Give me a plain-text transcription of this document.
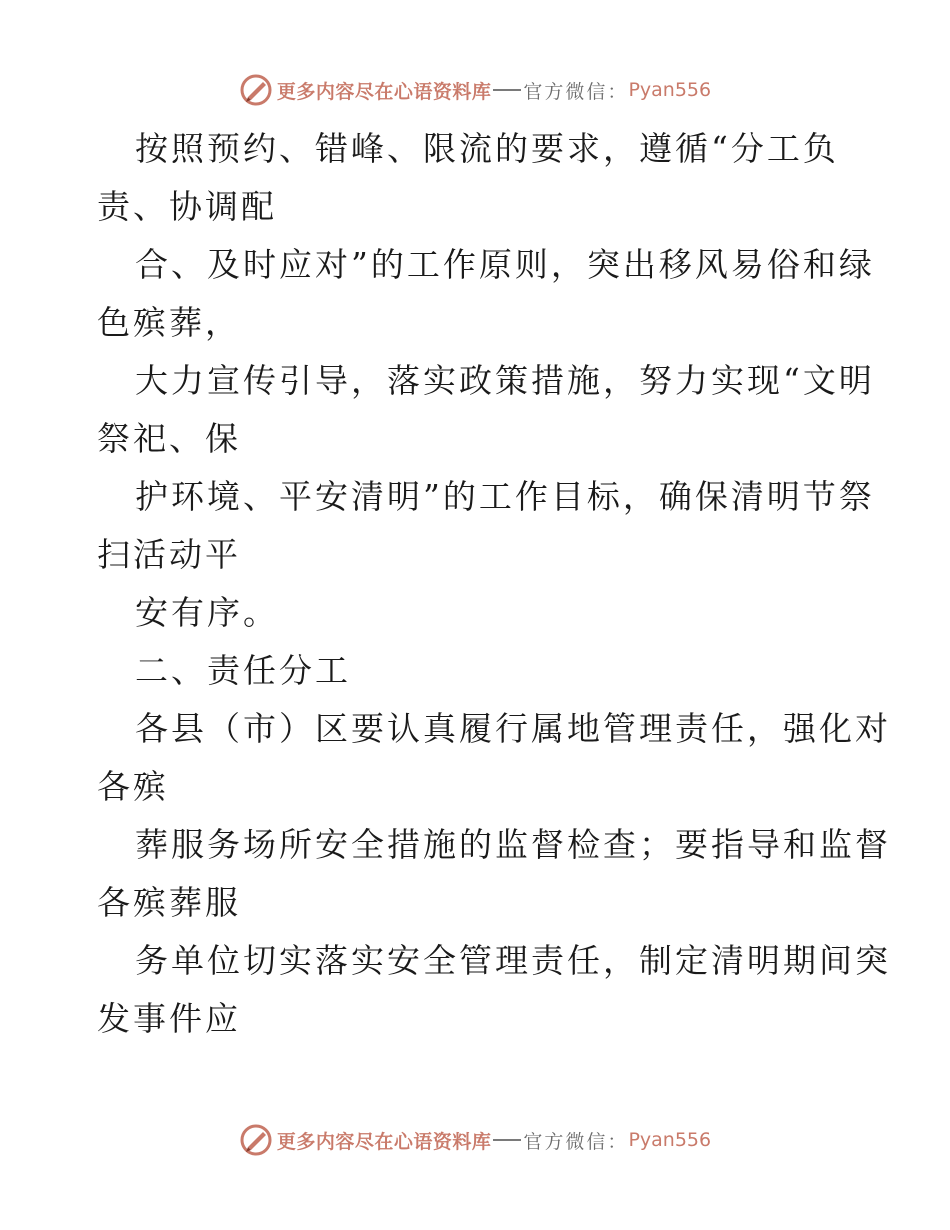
更多内容尽在心语资料库 官方微信： Pyan556
按照预约、错峰、限流的要求，遵循“分工负
责、协调配
合、及时应对”的工作原则，突出移风易俗和绿
色殡葬，
大力宣传引导，落实政策措施，努力实现“文明
祭祀、保
护环境、平安清明”的工作目标，确保清明节祭
扫活动平
安有序。
二、责任分工
各县（市）区要认真履行属地管理责任，强化对
各殡
葬服务场所安全措施的监督检查；要指导和监督
各殡葬服
务单位切实落实安全管理责任，制定清明期间突
发事件应
更多内容尽在心语资料库 官方微信： Pyan556
